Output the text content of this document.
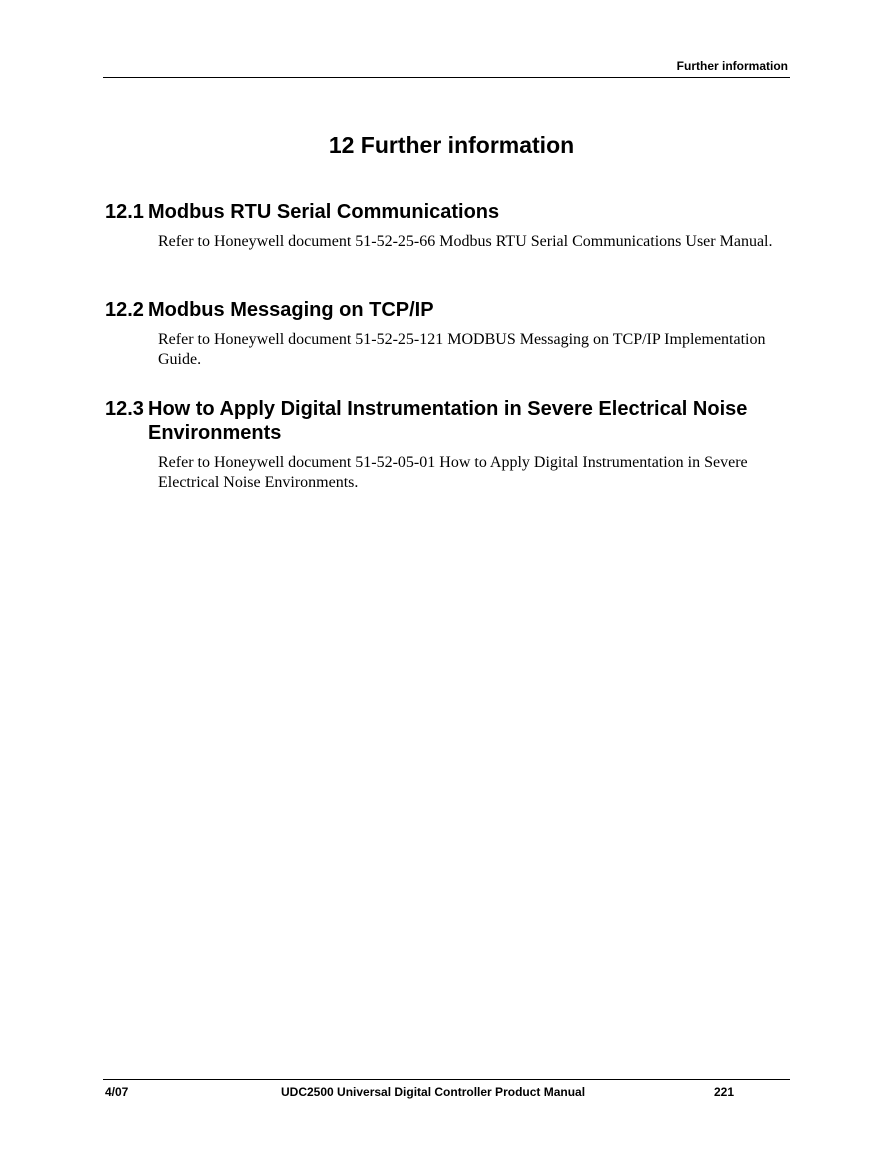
Further information
12 Further information
12.1 Modbus RTU Serial Communications

Refer to Honeywell document 51-52-25-66 Modbus RTU Serial Communications User Manual.

12.2 Modbus Messaging on TCP/IP

Refer to Honeywell document 51-52-25-121 MODBUS Messaging on TCP/IP Implementation Guide.

12.3 How to Apply Digital Instrumentation in Severe Electrical Noise Environments

Refer to Honeywell document 51-52-05-01 How to Apply Digital Instrumentation in Severe Electrical Noise Environments.

4/07	UDC2500 Universal Digital Controller Product Manual	221
